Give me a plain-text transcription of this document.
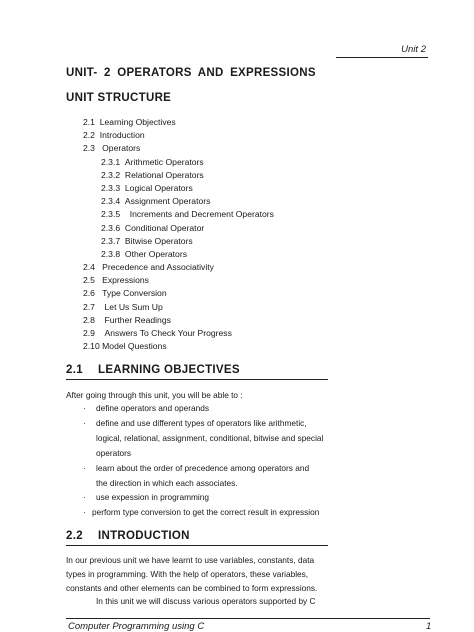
Unit 2
UNIT- 2 OPERATORS AND EXPRESSIONS
UNIT STRUCTURE
2.1 Learning Objectives
2.2 Introduction
2.3 Operators
2.3.1 Arithmetic Operators
2.3.2 Relational Operators
2.3.3 Logical Operators
2.3.4 Assignment Operators
2.3.5 Increments and Decrement Operators
2.3.6 Conditional Operator
2.3.7 Bitwise Operators
2.3.8 Other Operators
2.4 Precedence and Associativity
2.5 Expressions
2.6 Type Conversion
2.7 Let Us Sum Up
2.8 Further Readings
2.9 Answers To Check Your Progress
2.10 Model Questions
2.1 LEARNING OBJECTIVES
After going through this unit, you will be able to :
· define operators and operands
· define and use different types of operators like arithmetic,
logical, relational, assignment, conditional, bitwise and special
operators
· learn about the order of precedence among operators and
the direction in which each associates.
· use expession in programming
· perform type conversion to get the correct result in expression
2.2 INTRODUCTION
In our previous unit we have learnt to use variables, constants, data
types in programming. With the help of operators, these variables,
constants and other elements can be combined to form expressions.
In this unit we will discuss various operators supported by C
Computer Programming using C	1
